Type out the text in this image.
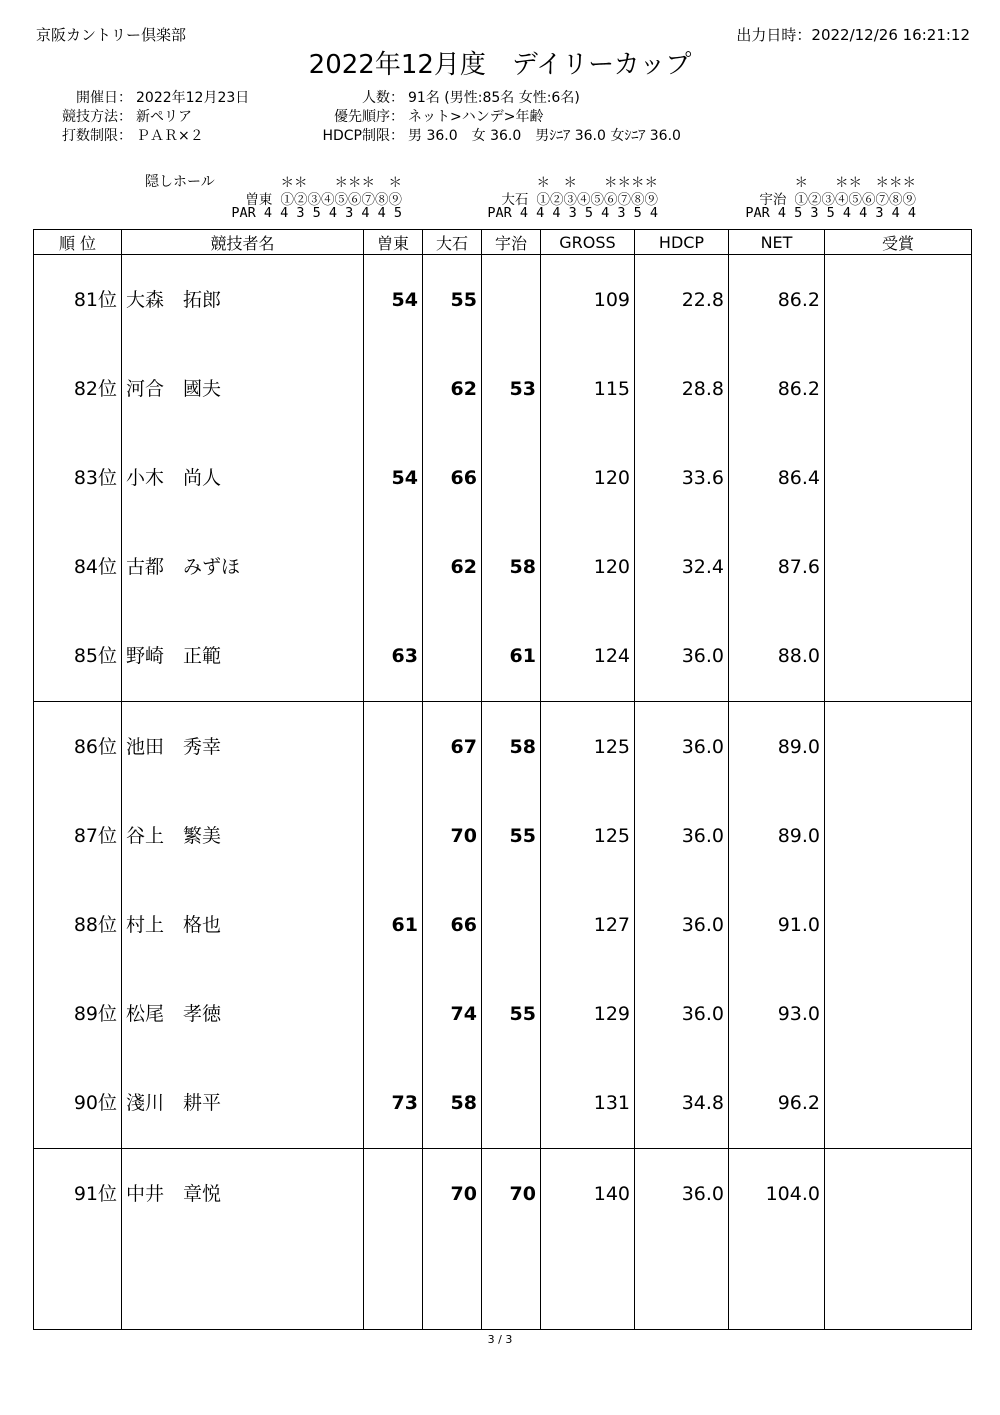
京阪カントリー倶楽部	出力日時：2022/12/26 16:21:12
2022年12月度　デイリーカップ
開催日： 2022年12月23日
競技方法： 新ペリア
打数制限： ＰＡＲ×２
人数： 91名 (男性:85名 女性:6名)
優先順序： ネット>ハンデ>年齢
HDCP制限： 男 36.0　女 36.0　男ｼﾆｱ 36.0 女ｼﾆｱ 36.0
隠しホール	＊＊　　＊＊＊　＊
曽東 ①②③④⑤⑥⑦⑧⑨
PAR 4 4 3 5 4 3 4 4 5
＊　＊　　＊＊＊＊
大石 ①②③④⑤⑥⑦⑧⑨
PAR 4 4 4 3 5 4 3 5 4
＊　　＊＊　＊＊＊
宇治 ①②③④⑤⑥⑦⑧⑨
PAR 4 5 3 5 4 4 3 4 4
順 位	競技者名	曽東	大石	宇治	GROSS	HDCP	NET	受賞
81位	大森　拓郎	54	55		109	22.8	86.2	
82位	河合　國夫		62	53	115	28.8	86.2	
83位	小木　尚人	54	66		120	33.6	86.4	
84位	古都　みずほ		62	58	120	32.4	87.6	
85位	野崎　正範	63		61	124	36.0	88.0	
86位	池田　秀幸		67	58	125	36.0	89.0	
87位	谷上　繁美		70	55	125	36.0	89.0	
88位	村上　格也	61	66		127	36.0	91.0	
89位	松尾　孝徳		74	55	129	36.0	93.0	
90位	淺川　耕平	73	58		131	34.8	96.2	
91位	中井　章悦		70	70	140	36.0	104.0	

3 / 3
